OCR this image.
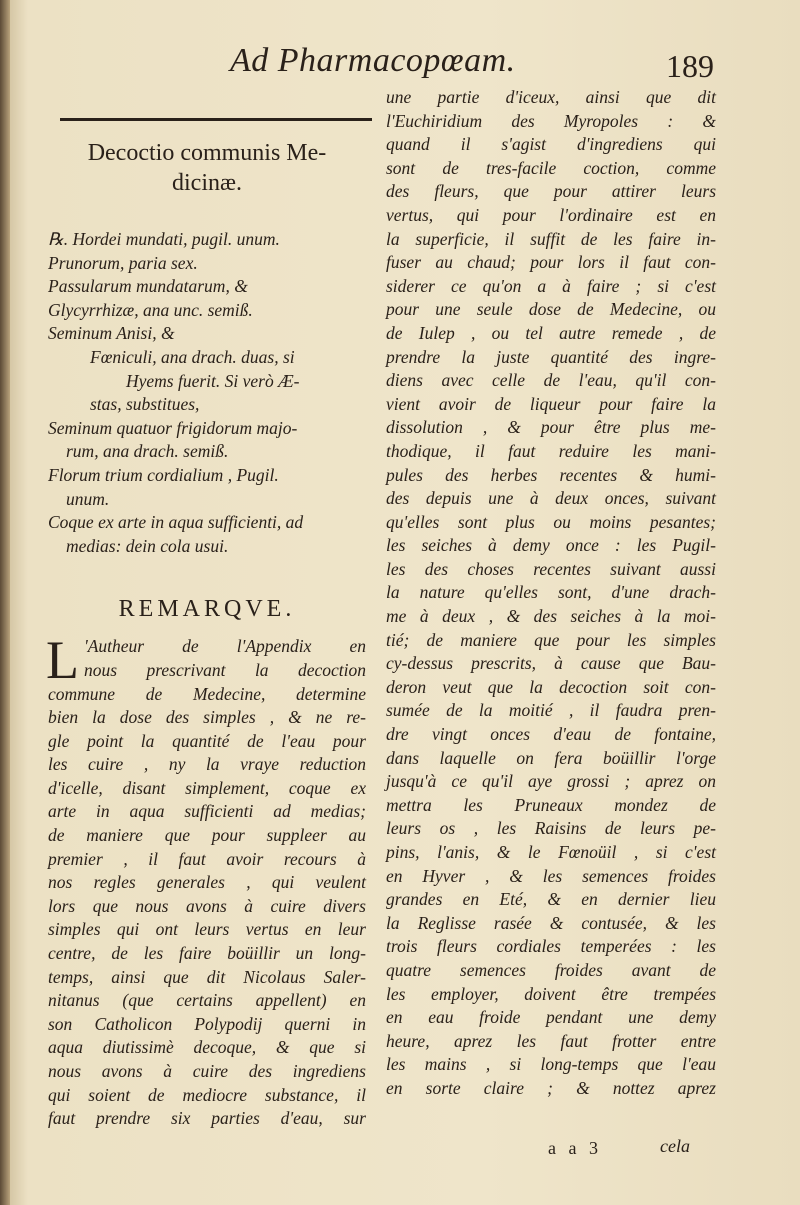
Ad Pharmacopœam.	189
Decoctio communis Me-
dicinæ.
℞. Hordei mundati, pugil. unum.
Prunorum, paria sex.
Passularum mundatarum, &
Glycyrrhizæ, ana unc. semiß.
Seminum Anisi, &
Fœniculi, ana drach. duas, si
Hyems fuerit. Si verò Æ-
stas, substitues,
Seminum quatuor frigidorum majo-
rum, ana drach. semiß.
Florum trium cordialium , Pugil.
unum.
Coque ex arte in aqua sufficienti, ad
medias: dein cola usui.
REMARQVE.
L 'Autheur de l'Appendix en
nous prescrivant la decoction
commune de Medecine, determine
bien la dose des simples , & ne re-
gle point la quantité de l'eau pour
les cuire , ny la vraye reduction
d'icelle, disant simplement, coque ex
arte in aqua sufficienti ad medias;
de maniere que pour suppleer au
premier , il faut avoir recours à
nos regles generales , qui veulent
lors que nous avons à cuire divers
simples qui ont leurs vertus en leur
centre, de les faire boüillir un long-
temps, ainsi que dit Nicolaus Saler-
nitanus (que certains appellent) en
son Catholicon Polypodij querni in
aqua diutissimè decoque, & que si
nous avons à cuire des ingrediens
qui soient de mediocre substance, il
faut prendre six parties d'eau, sur
une partie d'iceux, ainsi que dit
l'Euchiridium des Myropoles : &
quand il s'agist d'ingrediens qui
sont de tres-facile coction, comme
des fleurs, que pour attirer leurs
vertus, qui pour l'ordinaire est en
la superficie, il suffit de les faire in-
fuser au chaud; pour lors il faut con-
siderer ce qu'on a à faire ; si c'est
pour une seule dose de Medecine, ou
de Iulep , ou tel autre remede , de
prendre la juste quantité des ingre-
diens avec celle de l'eau, qu'il con-
vient avoir de liqueur pour faire la
dissolution , & pour être plus me-
thodique, il faut reduire les mani-
pules des herbes recentes & humi-
des depuis une à deux onces, suivant
qu'elles sont plus ou moins pesantes;
les seiches à demy once : les Pugil-
les des choses recentes suivant aussi
la nature qu'elles sont, d'une drach-
me à deux , & des seiches à la moi-
tié; de maniere que pour les simples
cy-dessus prescrits, à cause que Bau-
deron veut que la decoction soit con-
sumée de la moitié , il faudra pren-
dre vingt onces d'eau de fontaine,
dans laquelle on fera boüillir l'orge
jusqu'à ce qu'il aye grossi ; aprez on
mettra les Pruneaux mondez de
leurs os , les Raisins de leurs pe-
pins, l'anis, & le Fœnoüil , si c'est
en Hyver , & les semences froides
grandes en Eté, & en dernier lieu
la Reglisse rasée & contusée, & les
trois fleurs cordiales temperées : les
quatre semences froides avant de
les employer, doivent être trempées
en eau froide pendant une demy
heure, aprez les faut frotter entre
les mains , si long-temps que l'eau
en sorte claire ; & nottez aprez
a a 3	cela
